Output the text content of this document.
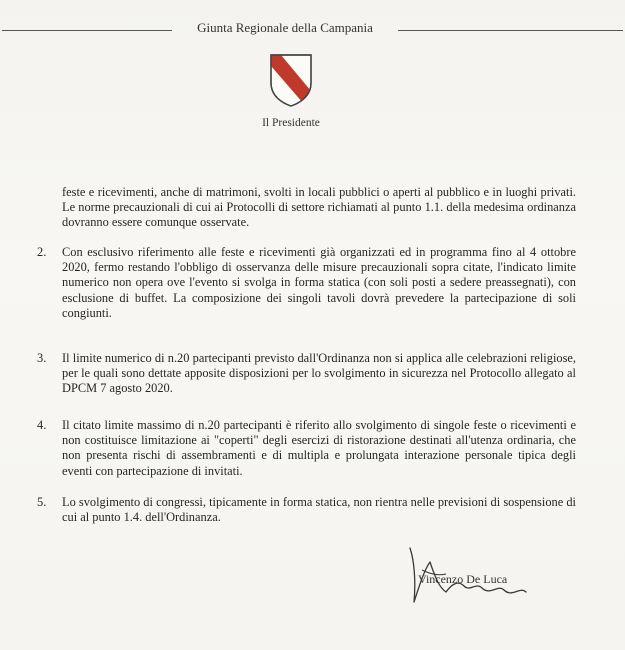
Giunta Regionale della Campania
Il Presidente
feste e ricevimenti, anche di matrimoni, svolti in locali pubblici o aperti al pubblico e in luoghi privati. Le norme precauzionali di cui ai Protocolli di settore richiamati al punto 1.1. della medesima ordinanza dovranno essere comunque osservate.
2.	Con esclusivo riferimento alle feste e ricevimenti già organizzati ed in programma fino al 4 ottobre 2020, fermo restando l'obbligo di osservanza delle misure precauzionali sopra citate, l'indicato limite numerico non opera ove l'evento si svolga in forma statica (con soli posti a sedere preassegnati), con esclusione di buffet. La composizione dei singoli tavoli dovrà prevedere la partecipazione di soli congiunti.
3.	Il limite numerico di n.20 partecipanti previsto dall'Ordinanza non si applica alle celebrazioni religiose, per le quali sono dettate apposite disposizioni per lo svolgimento in sicurezza nel Protocollo allegato al DPCM 7 agosto 2020.
4.	Il citato limite massimo di n.20 partecipanti è riferito allo svolgimento di singole feste o ricevimenti e non costituisce limitazione ai "coperti" degli esercizi di ristorazione destinati all'utenza ordinaria, che non presenta rischi di assembramenti e di multipla e prolungata interazione personale tipica degli eventi con partecipazione di invitati.
5.	Lo svolgimento di congressi, tipicamente in forma statica, non rientra nelle previsioni di sospensione di cui al punto 1.4. dell'Ordinanza.
Vincenzo De Luca
